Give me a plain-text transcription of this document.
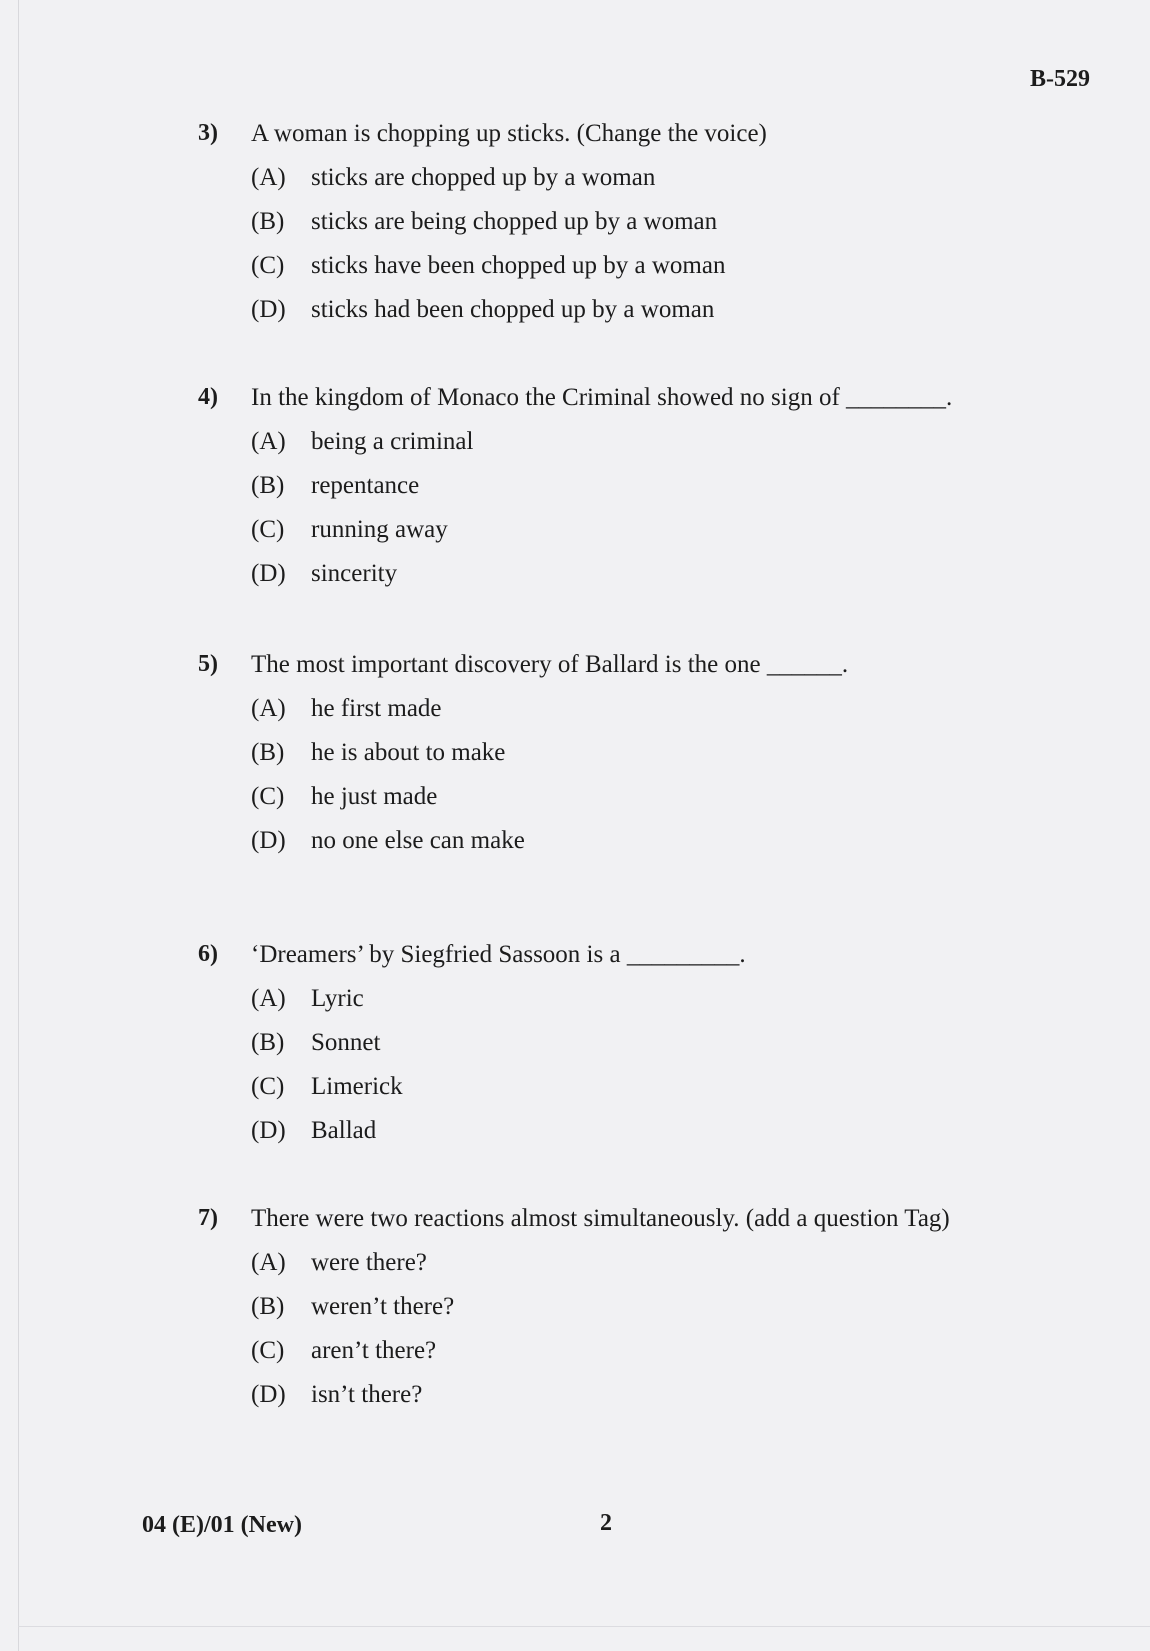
B-529
3) A woman is chopping up sticks. (Change the voice)
(A) sticks are chopped up by a woman
(B) sticks are being chopped up by a woman
(C) sticks have been chopped up by a woman
(D) sticks had been chopped up by a woman
4) In the kingdom of Monaco the Criminal showed no sign of ________.
(A) being a criminal
(B) repentance
(C) running away
(D) sincerity
5) The most important discovery of Ballard is the one ______.
(A) he first made
(B) he is about to make
(C) he just made
(D) no one else can make
6) ‘Dreamers’ by Siegfried Sassoon is a _________.
(A) Lyric
(B) Sonnet
(C) Limerick
(D) Ballad
7) There were two reactions almost simultaneously. (add a question Tag)
(A) were there?
(B) weren’t there?
(C) aren’t there?
(D) isn’t there?
04 (E)/01 (New)	2
